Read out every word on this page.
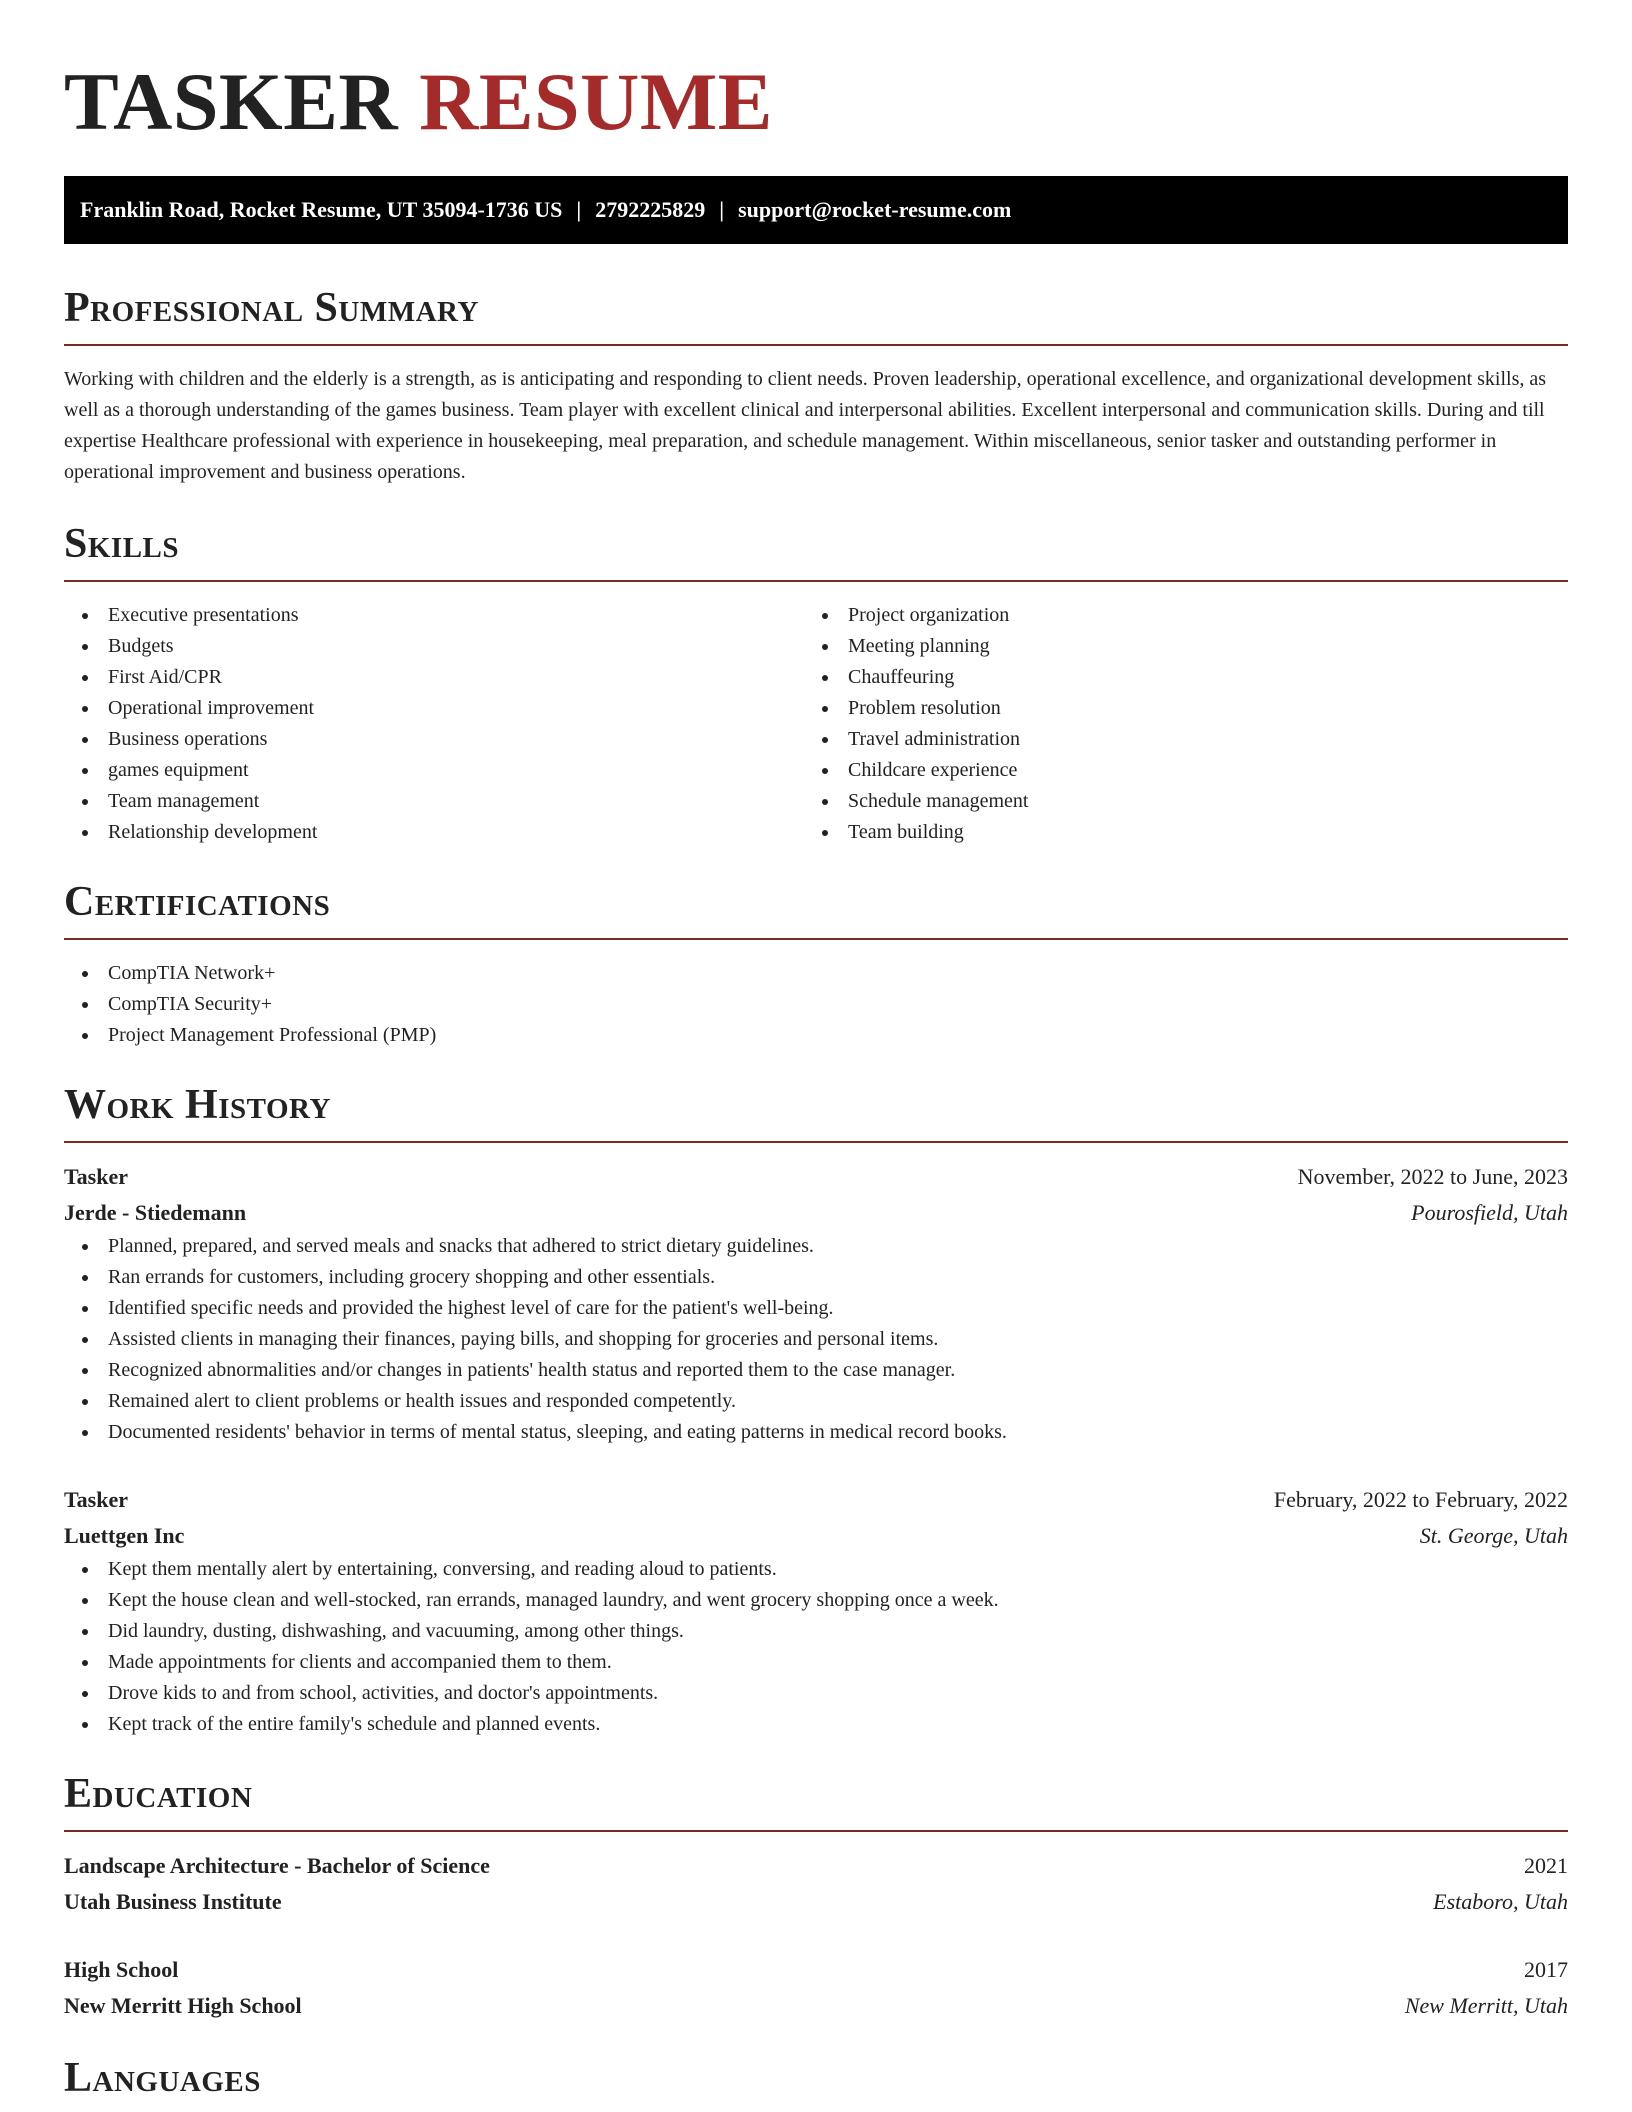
TASKER RESUME
Franklin Road, Rocket Resume, UT 35094-1736 US | 2792225829 | support@rocket-resume.com
Professional Summary
Working with children and the elderly is a strength, as is anticipating and responding to client needs. Proven leadership, operational excellence, and organizational development skills, as well as a thorough understanding of the games business. Team player with excellent clinical and interpersonal abilities. Excellent interpersonal and communication skills. During and till expertise Healthcare professional with experience in housekeeping, meal preparation, and schedule management. Within miscellaneous, senior tasker and outstanding performer in operational improvement and business operations.
Skills
Executive presentations
Budgets
First Aid/CPR
Operational improvement
Business operations
games equipment
Team management
Relationship development
Project organization
Meeting planning
Chauffeuring
Problem resolution
Travel administration
Childcare experience
Schedule management
Team building
Certifications
CompTIA Network+
CompTIA Security+
Project Management Professional (PMP)
Work History
Tasker	November, 2022 to June, 2023
Jerde - Stiedemann	Pourosfield, Utah
Planned, prepared, and served meals and snacks that adhered to strict dietary guidelines.
Ran errands for customers, including grocery shopping and other essentials.
Identified specific needs and provided the highest level of care for the patient's well-being.
Assisted clients in managing their finances, paying bills, and shopping for groceries and personal items.
Recognized abnormalities and/or changes in patients' health status and reported them to the case manager.
Remained alert to client problems or health issues and responded competently.
Documented residents' behavior in terms of mental status, sleeping, and eating patterns in medical record books.
Tasker	February, 2022 to February, 2022
Luettgen Inc	St. George, Utah
Kept them mentally alert by entertaining, conversing, and reading aloud to patients.
Kept the house clean and well-stocked, ran errands, managed laundry, and went grocery shopping once a week.
Did laundry, dusting, dishwashing, and vacuuming, among other things.
Made appointments for clients and accompanied them to them.
Drove kids to and from school, activities, and doctor's appointments.
Kept track of the entire family's schedule and planned events.
Education
Landscape Architecture - Bachelor of Science	2021
Utah Business Institute	Estaboro, Utah
High School	2017
New Merritt High School	New Merritt, Utah
Languages
